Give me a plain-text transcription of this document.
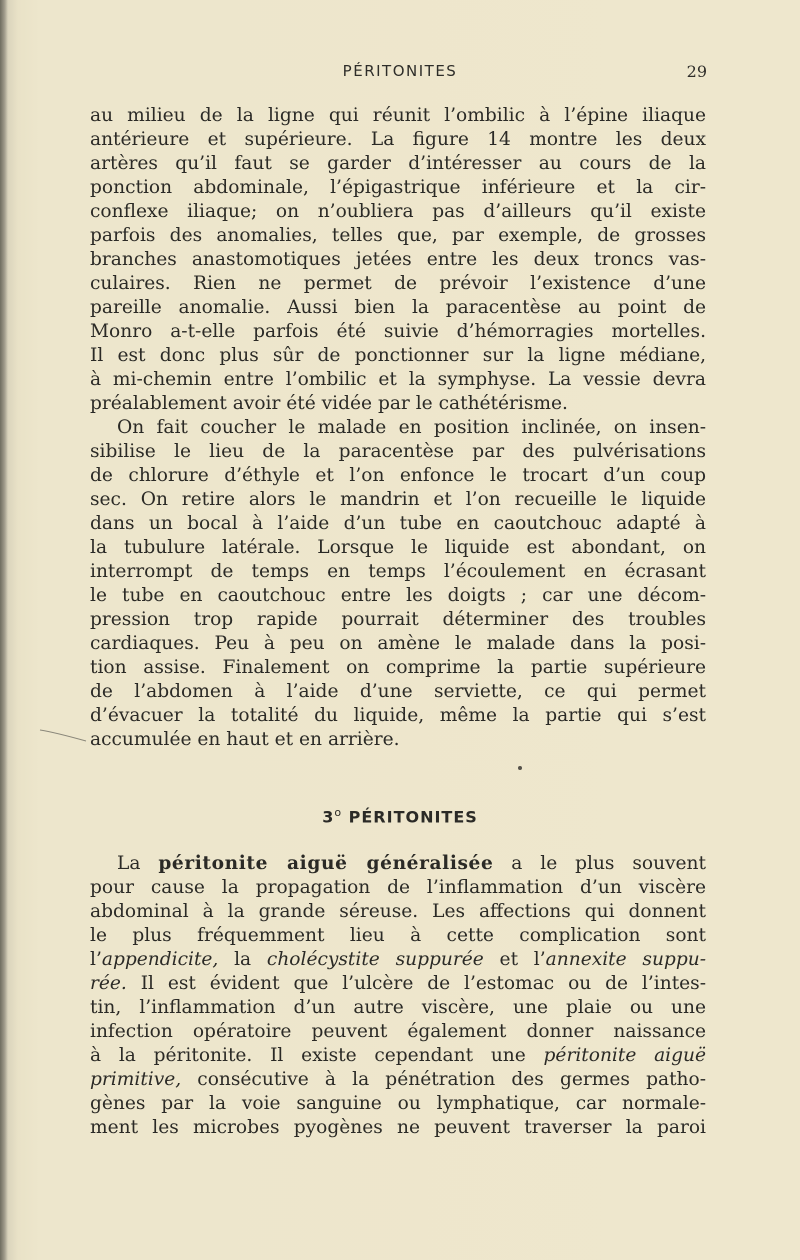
PÉRITONITES	29
au milieu de la ligne qui réunit l’ombilic à l’épine iliaque
antérieure et supérieure. La figure 14 montre les deux
artères qu’il faut se garder d’intéresser au cours de la
ponction abdominale, l’épigastrique inférieure et la cir-
conflexe iliaque; on n’oubliera pas d’ailleurs qu’il existe
parfois des anomalies, telles que, par exemple, de grosses
branches anastomotiques jetées entre les deux troncs vas-
culaires. Rien ne permet de prévoir l’existence d’une
pareille anomalie. Aussi bien la paracentèse au point de
Monro a-t-elle parfois été suivie d’hémorragies mortelles.
Il est donc plus sûr de ponctionner sur la ligne médiane,
à mi-chemin entre l’ombilic et la symphyse. La vessie devra
préalablement avoir été vidée par le cathétérisme.
On fait coucher le malade en position inclinée, on insen-
sibilise le lieu de la paracentèse par des pulvérisations
de chlorure d’éthyle et l’on enfonce le trocart d’un coup
sec. On retire alors le mandrin et l’on recueille le liquide
dans un bocal à l’aide d’un tube en caoutchouc adapté à
la tubulure latérale. Lorsque le liquide est abondant, on
interrompt de temps en temps l’écoulement en écrasant
le tube en caoutchouc entre les doigts ; car une décom-
pression trop rapide pourrait déterminer des troubles
cardiaques. Peu à peu on amène le malade dans la posi-
tion assise. Finalement on comprime la partie supérieure
de l’abdomen à l’aide d’une serviette, ce qui permet
d’évacuer la totalité du liquide, même la partie qui s’est
accumulée en haut et en arrière.
3$^o$ PÉRITONITES
La péritonite aiguë généralisée a le plus souvent
pour cause la propagation de l’inflammation d’un viscère
abdominal à la grande séreuse. Les affections qui donnent
le plus fréquemment lieu à cette complication sont
l’appendicite, la cholécystite suppurée et l’annexite suppu-
rée. Il est évident que l’ulcère de l’estomac ou de l’intes-
tin, l’inflammation d’un autre viscère, une plaie ou une
infection opératoire peuvent également donner naissance
à la péritonite. Il existe cependant une péritonite aiguë
primitive, consécutive à la pénétration des germes patho-
gènes par la voie sanguine ou lymphatique, car normale-
ment les microbes pyogènes ne peuvent traverser la paroi
